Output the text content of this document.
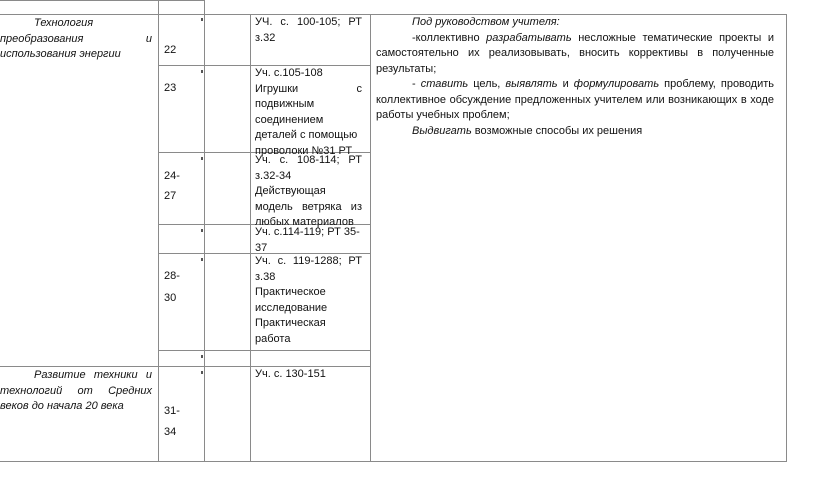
Технология
преобразования и
использования энергии
Развитие техники и
технологий от Средних
веков до начала 20 века
22
23
24-
27
28-
30
31-
34
УЧ. с. 100-105; РТ
з.32
Уч. с.105-108
Игрушки с
подвижным
соединением
деталей с помощью
проволоки №31 РТ
Уч. с. 108-114; РТ
з.32-34
Действующая
модель ветряка из
любых материалов
Уч. с.114-119; РТ 35-
37
Уч. с. 119-1288; РТ
з.38
Практическое
исследование
Практическая
работа
Уч. с. 130-151
Под руководством учителя:
-коллективно разрабатывать несложные тематические проекты и самостоятельно их реализовывать, вносить коррективы в полученные результаты;
- ставить цель, выявлять и формулировать проблему, проводить коллективное обсуждение предложенных учителем или возникающих в ходе работы учебных проблем;
Выдвигать возможные способы их решения
